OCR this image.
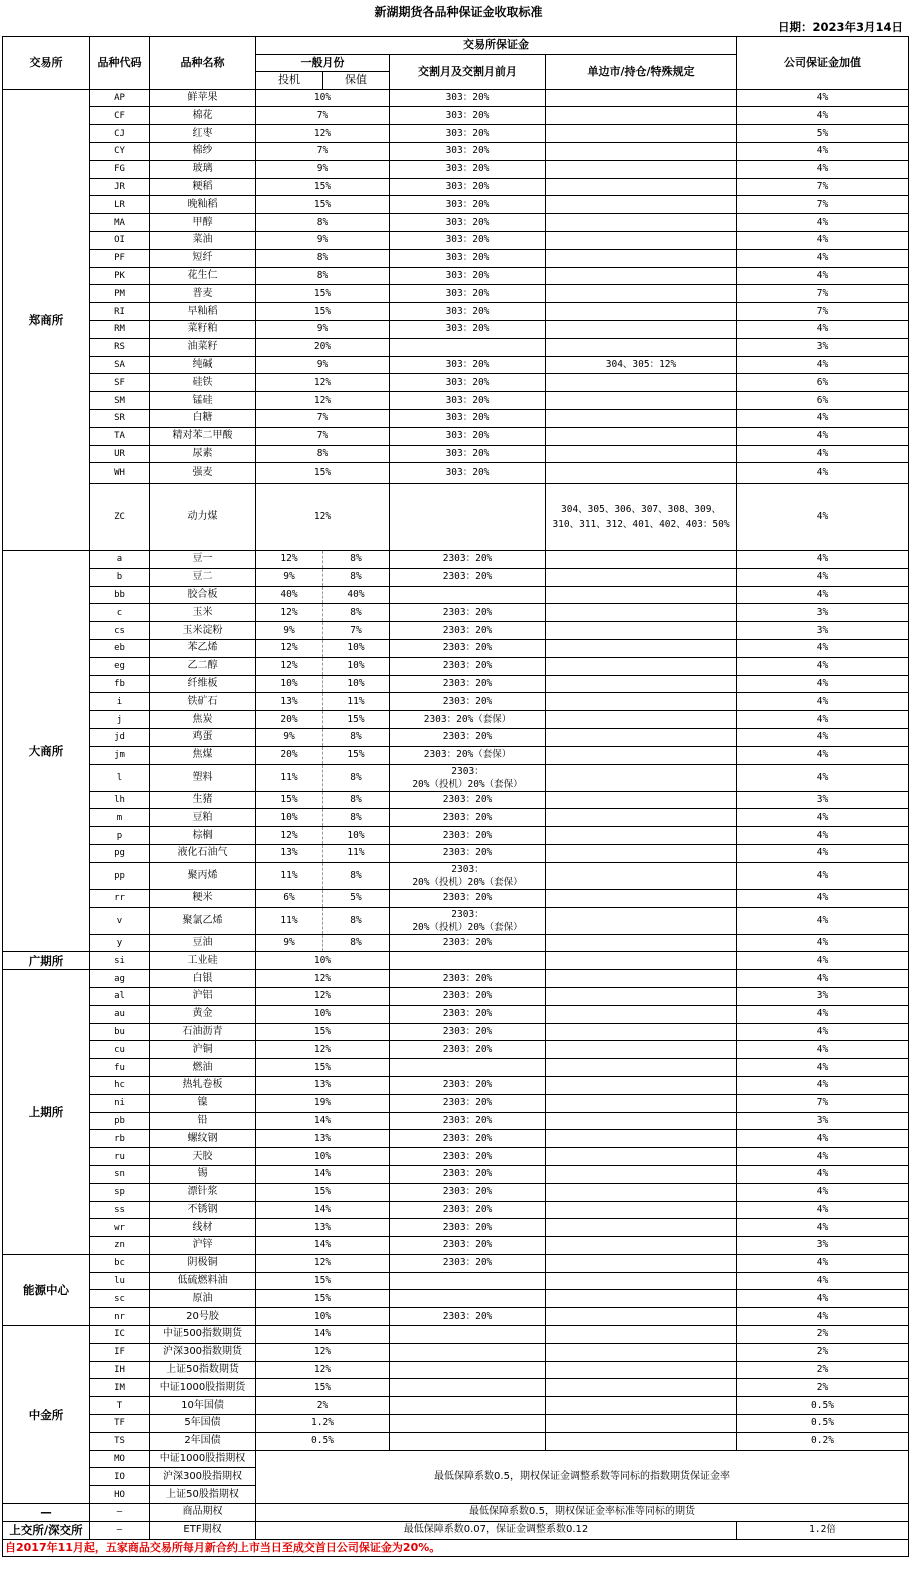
新湖期货各品种保证金收取标准
日期：2023年3月14日
交易所	品种代码	品种名称	交易所保证金				公司保证金加值
			一般月份		交割月及交割月前月	单边市/持仓/特殊规定	
			投机	保值			
郑商所	AP	鲜苹果	10%		303：20%		4%
	CF	棉花	7%		303：20%		4%
	CJ	红枣	12%		303：20%		5%
	CY	棉纱	7%		303：20%		4%
	FG	玻璃	9%		303：20%		4%
	JR	粳稻	15%		303：20%		7%
	LR	晚籼稻	15%		303：20%		7%
	MA	甲醇	8%		303：20%		4%
	OI	菜油	9%		303：20%		4%
	PF	短纤	8%		303：20%		4%
	PK	花生仁	8%		303：20%		4%
	PM	普麦	15%		303：20%		7%
	RI	早籼稻	15%		303：20%		7%
	RM	菜籽粕	9%		303：20%		4%
	RS	油菜籽	20%				3%
	SA	纯碱	9%		303：20%	304、305：12%	4%
	SF	硅铁	12%		303：20%		6%
	SM	锰硅	12%		303：20%		6%
	SR	白糖	7%		303：20%		4%
	TA	精对苯二甲酸	7%		303：20%		4%
	UR	尿素	8%		303：20%		4%
	WH	强麦	15%		303：20%		4%
	ZC	动力煤	12%			304、305、306、307、308、309、310、311、312、401、402、403：50%	4%
大商所	a	豆一	12%	8%	2303：20%		4%
	b	豆二	9%	8%	2303：20%		4%
	bb	胶合板	40%	40%			4%
	c	玉米	12%	8%	2303：20%		3%
	cs	玉米淀粉	9%	7%	2303：20%		3%
	eb	苯乙烯	12%	10%	2303：20%		4%
	eg	乙二醇	12%	10%	2303：20%		4%
	fb	纤维板	10%	10%	2303：20%		4%
	i	铁矿石	13%	11%	2303：20%		4%
	j	焦炭	20%	15%	2303：20%（套保）		4%
	jd	鸡蛋	9%	8%	2303：20%		4%
	jm	焦煤	20%	15%	2303：20%（套保）		4%
	l	塑料	11%	8%	2303：
20%（投机）20%（套保）		4%
	lh	生猪	15%	8%	2303：20%		3%
	m	豆粕	10%	8%	2303：20%		4%
	p	棕榈	12%	10%	2303：20%		4%
	pg	液化石油气	13%	11%	2303：20%		4%
	pp	聚丙烯	11%	8%	2303：
20%（投机）20%（套保）		4%
	rr	粳米	6%	5%	2303：20%		4%
	v	聚氯乙烯	11%	8%	2303：
20%（投机）20%（套保）		4%
	y	豆油	9%	8%	2303：20%		4%
广期所	si	工业硅	10%				4%
上期所	ag	白银	12%		2303：20%		4%
	al	沪铝	12%		2303：20%		3%
	au	黄金	10%		2303：20%		4%
	bu	石油沥青	15%		2303：20%		4%
	cu	沪铜	12%		2303：20%		4%
	fu	燃油	15%				4%
	hc	热轧卷板	13%		2303：20%		4%
	ni	镍	19%		2303：20%		7%
	pb	铅	14%		2303：20%		3%
	rb	螺纹钢	13%		2303：20%		4%
	ru	天胶	10%		2303：20%		4%
	sn	锡	14%		2303：20%		4%
	sp	漂针浆	15%		2303：20%		4%
	ss	不锈钢	14%		2303：20%		4%
	wr	线材	13%		2303：20%		4%
	zn	沪锌	14%		2303：20%		3%
能源中心	bc	阴极铜	12%		2303：20%		4%
	lu	低硫燃料油	15%				4%
	sc	原油	15%				4%
	nr	20号胶	10%		2303：20%		4%
中金所	IC	中证500指数期货	14%				2%
	IF	沪深300指数期货	12%				2%
	IH	上证50指数期货	12%				2%
	IM	中证1000股指期货	15%				2%
	T	10年国债	2%				0.5%
	TF	5年国债	1.2%				0.5%
	TS	2年国债	0.5%				0.2%
	MO	中证1000股指期权	最低保障系数0.5，期权保证金调整系数等同标的指数期货保证金率				
	IO	沪深300股指期权					
	HO	上证50股指期权					
—	—	商品期权	最低保障系数0.5，期权保证金率标准等同标的期货				
上交所/深交所	—	ETF期权	最低保障系数0.07，保证金调整系数0.12				1.2倍
自2017年11月起，五家商品交易所每月新合约上市当日至成交首日公司保证金为20%。							
